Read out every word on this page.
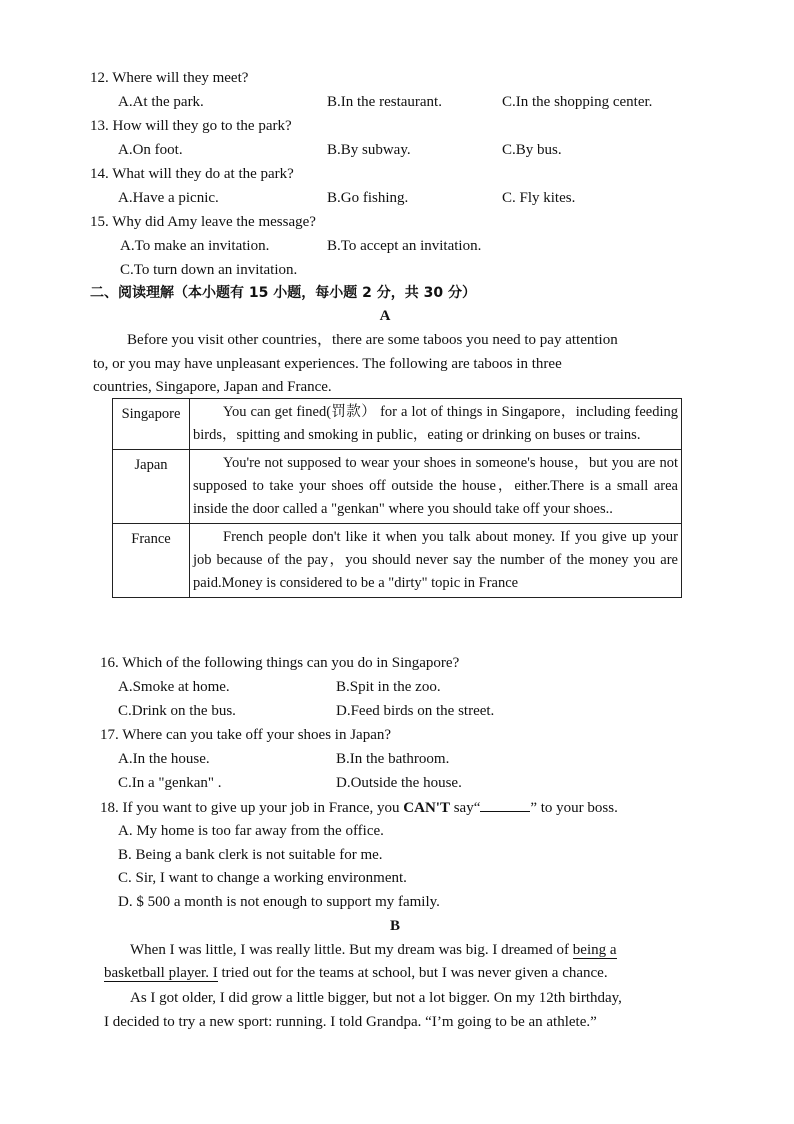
12. Where will they meet?
A.At the park.	B.In the restaurant.	C.In the shopping center.
13. How will they go to the park?
A.On foot.	B.By subway.	C.By bus.
14. What will they do at the park?
A.Have a picnic.	B.Go fishing.	C. Fly kites.
15. Why did Amy leave the message?
A.To make an invitation.	B.To accept an invitation.
C.To turn down an invitation.
二、阅读理解（本小题有 15 小题，每小题 2 分，共 30 分）
A
Before you visit other countries，there are some taboos you need to pay attention
to, or you may have unpleasant experiences. The following are taboos in three
countries, Singapore, Japan and France.
Singapore	You can get fined(罚款） for a lot of things in Singapore，including feeding birds，spitting and smoking in public，eating or drinking on buses or trains.
Japan	You're not supposed to wear your shoes in someone's house，but you are not supposed to take your shoes off outside the house，either.There is a small area inside the door called a "genkan" where you should take off your shoes..
France	French people don't like it when you talk about money. If you give up your job because of the pay，you should never say the number of the money you are paid.Money is considered to be a "dirty" topic in France
16. Which of the following things can you do in Singapore?
A.Smoke at home.	B.Spit in the zoo.
C.Drink on the bus.	D.Feed birds on the street.
17. Where can you take off your shoes in Japan?
A.In the house.	B.In the bathroom.
C.In a "genkan" .	D.Outside the house.
18. If you want to give up your job in France, you CAN'T say“	” to your boss.
A. My home is too far away from the office.
B. Being a bank clerk is not suitable for me.
C. Sir, I want to change a working environment.
D. $ 500 a month is not enough to support my family.
B
When I was little, I was really little. But my dream was big. I dreamed of being a
basketball player. I tried out for the teams at school, but I was never given a chance.
As I got older, I did grow a little bigger, but not a lot bigger. On my 12th birthday,
I decided to try a new sport: running. I told Grandpa. “I’m going to be an athlete.”
